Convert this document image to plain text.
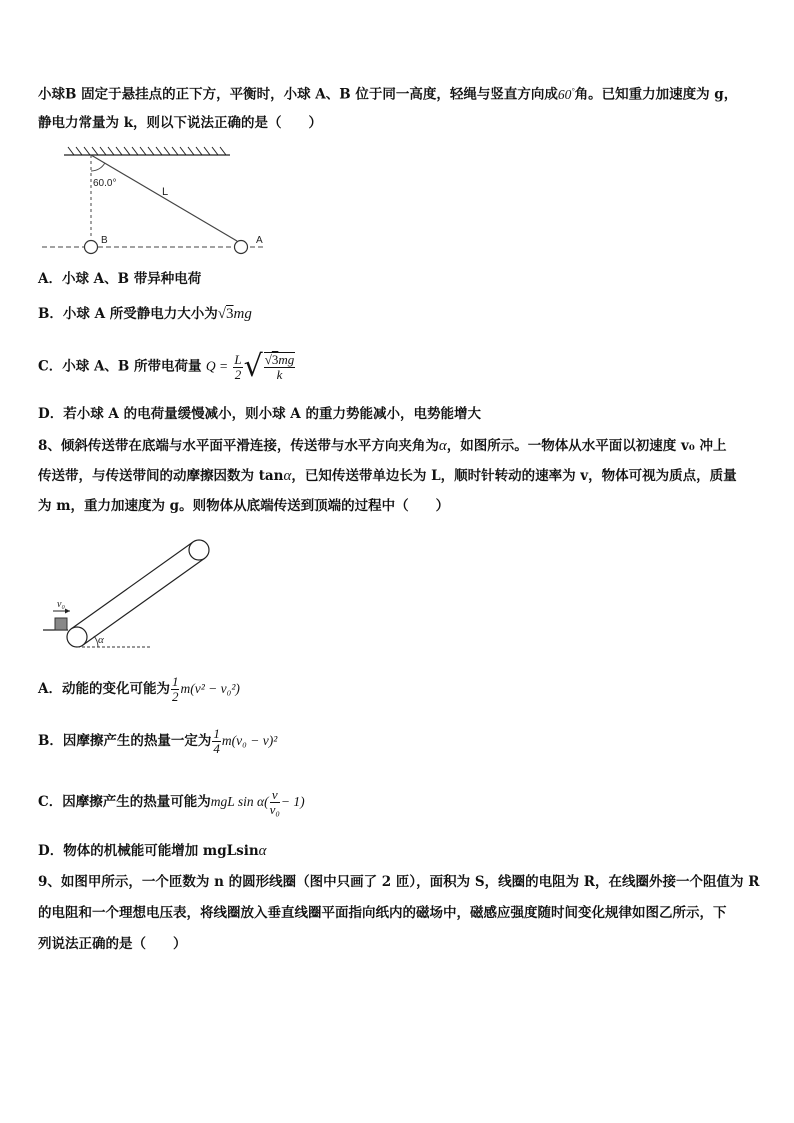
小球B 固定于悬挂点的正下方，平衡时，小球 A、B 位于同一高度，轻绳与竖直方向成60°角。已知重力加速度为 g，
静电力常量为 k，则以下说法正确的是（　　）
60.0°
L
B	A
A．小球 A、B 带异种电荷
B．小球 A 所受静电力大小为√3mg
C．小球 A、B 所带电荷量 $Q = \frac{L}{2}$ √ $\frac{√3mg}{k}$
D．若小球 A 的电荷量缓慢减小，则小球 A 的重力势能减小，电势能增大
8、倾斜传送带在底端与水平面平滑连接，传送带与水平方向夹角为α，如图所示。一物体从水平面以初速度 v₀ 冲上
传送带，与传送带间的动摩擦因数为 tanα，已知传送带单边长为 L，顺时针转动的速率为 v，物体可视为质点，质量
为 m，重力加速度为 g。则物体从底端传送到顶端的过程中（　　）
α
v₀
A．动能的变化可能为 $\frac{1}{2} m(v^2 - v_0^2)$
B．因摩擦产生的热量一定为 $\frac{1}{4} m(v_0 - v)^2$
C．因摩擦产生的热量可能为mgL $\sin \alpha( \frac{v}{\text{v₀}} - 1)$
D．物体的机械能可能增加 mgLsinα
9、如图甲所示，一个匝数为 n 的圆形线圈（图中只画了 2 匝），面积为 S，线圈的电阻为 R，在线圈外接一个阻值为 R
的电阻和一个理想电压表，将线圈放入垂直线圈平面指向纸内的磁场中，磁感应强度随时间变化规律如图乙所示，下
列说法正确的是（　　）
